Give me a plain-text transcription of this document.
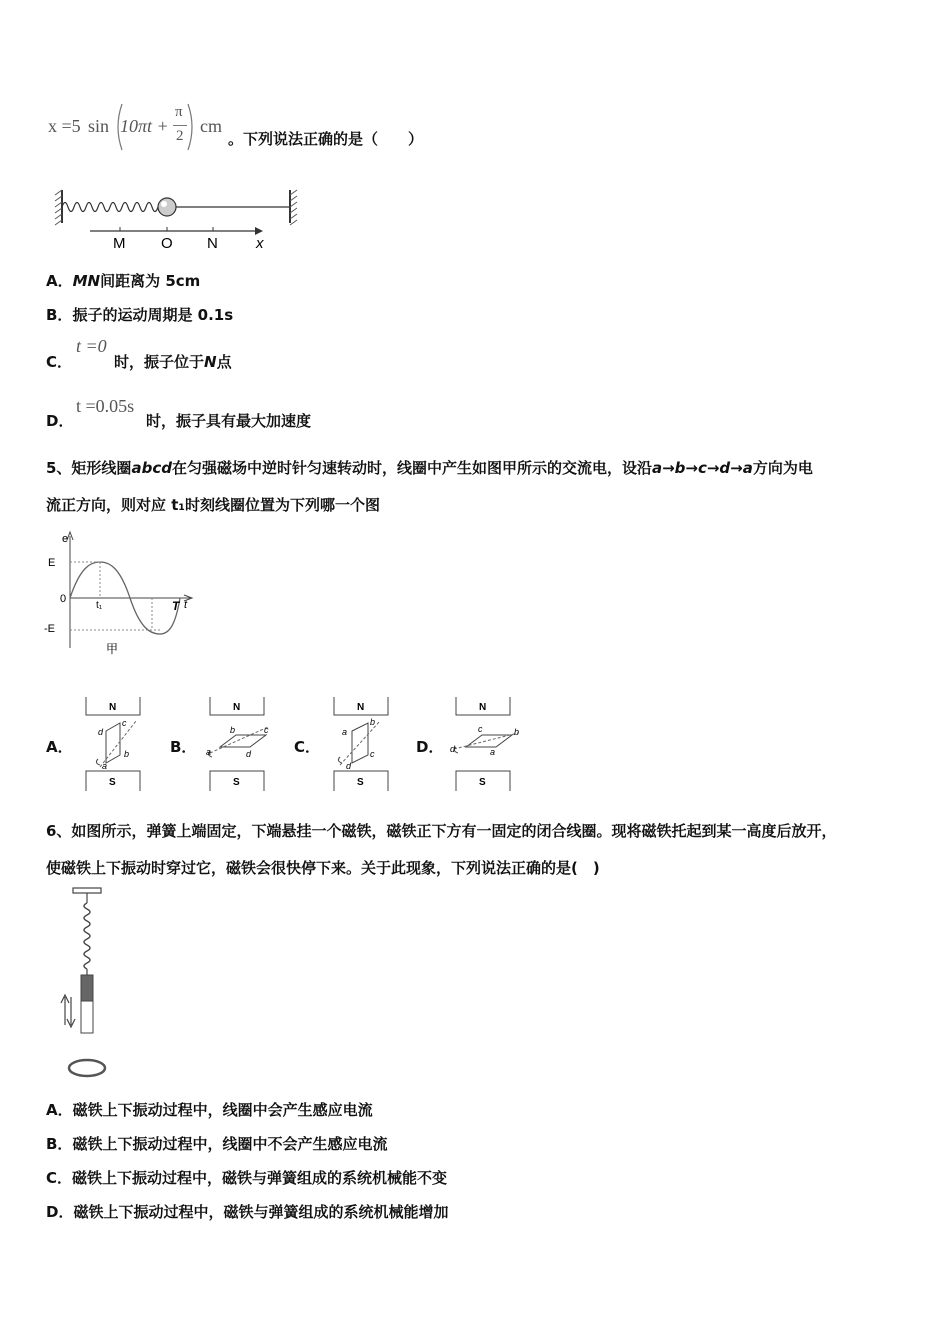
x =5 sin 10πt +
π
2 cm
。下列说法正确的是（　　）
M O N	x
A．MN间距离为 5cm
B．振子的运动周期是 0.1s
C．
t =0
时，振子位于N点
D．
t =0.05s
时，振子具有最大加速度
5、矩形线圈abcd在匀强磁场中逆时针匀速转动时，线圈中产生如图甲所示的交流电，设沿a→b→c→d→a方向为电
流正方向，则对应 t₁时刻线圈位置为下列哪一个图
e
E
0
-E
t₁	T t
甲
A．
N
S
c
d
b
a
B．
N
S
b	c
a	d	C．
N
S
b
a
c
d
D．
N
S
c	b
d	a
6、如图所示，弹簧上端固定，下端悬挂一个磁铁，磁铁正下方有一固定的闭合线圈。现将磁铁托起到某一高度后放开，
使磁铁上下振动时穿过它，磁铁会很快停下来。关于此现象，下列说法正确的是(　)
A．磁铁上下振动过程中，线圈中会产生感应电流
B．磁铁上下振动过程中，线圈中不会产生感应电流
C．磁铁上下振动过程中，磁铁与弹簧组成的系统机械能不变
D．磁铁上下振动过程中，磁铁与弹簧组成的系统机械能增加
